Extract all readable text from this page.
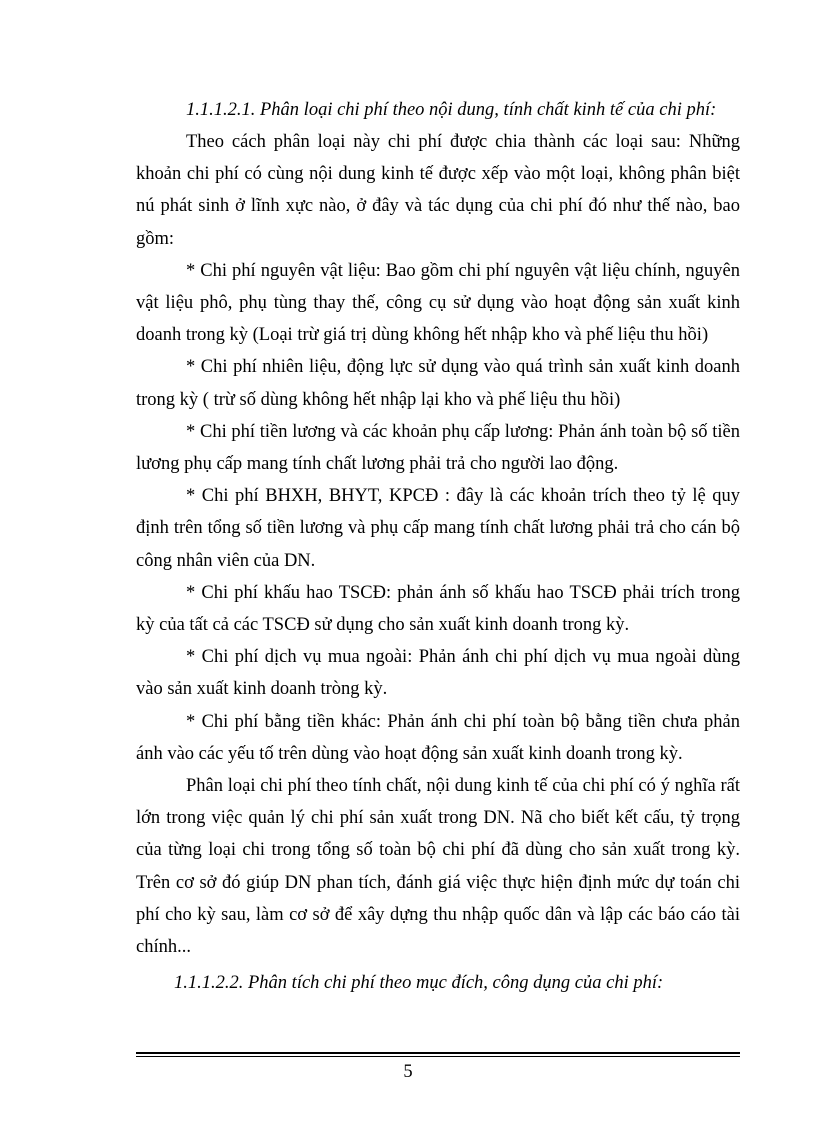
1.1.1.2.1. Phân loại chi phí theo nội dung, tính chất kinh tế của chi phí:

Theo cách phân loại này chi phí được chia thành các loại sau: Những khoản chi phí có cùng nội dung kinh tế được xếp vào một loại, không phân biệt nú phát sinh ở lĩnh xực nào, ở đây và tác dụng của chi phí đó như thế nào, bao gồm:

* Chi phí nguyên vật liệu: Bao gồm chi phí nguyên vật liệu chính, nguyên vật liệu phô, phụ tùng thay thế, công cụ sử dụng vào hoạt động sản xuất kinh doanh trong kỳ (Loại trừ giá trị dùng không hết nhập kho và phế liệu thu hồi)

* Chi phí nhiên liệu, động lực sử dụng vào quá trình sản xuất kinh doanh trong kỳ ( trừ số dùng không hết nhập lại kho và phế liệu thu hồi)

* Chi phí tiền lương và các khoản phụ cấp lương: Phản ánh toàn bộ số tiền lương phụ cấp mang tính chất lương phải trả cho người lao động.

* Chi phí BHXH, BHYT, KPCĐ : đây là các khoản trích theo tỷ lệ quy định trên tổng số tiền lương và phụ cấp mang tính chất lương phải trả cho cán bộ công nhân viên của DN.

* Chi phí khấu hao TSCĐ: phản ánh số khấu hao TSCĐ phải trích trong kỳ của tất cả các TSCĐ sử dụng cho sản xuất kinh doanh trong kỳ.

* Chi phí dịch vụ mua ngoài: Phản ánh chi phí dịch vụ mua ngoài dùng vào sản xuất kinh doanh tròng kỳ.

* Chi phí bằng tiền khác: Phản ánh chi phí toàn bộ bằng tiền chưa phản ánh vào các yếu tố trên dùng vào hoạt động sản xuất kinh doanh trong kỳ.

Phân loại chi phí theo tính chất, nội dung kinh tế của chi phí có ý nghĩa rất lớn trong việc quản lý chi phí sản xuất trong DN. Nã cho biết kết cấu, tỷ trọng của từng loại chi trong tổng số toàn bộ chi phí đã dùng cho sản xuất trong kỳ. Trên cơ sở đó giúp DN phan tích, đánh giá việc thực hiện định mức dự toán chi phí cho kỳ sau, làm cơ sở để xây dựng thu nhập quốc dân và lập các báo cáo tài chính...

1.1.1.2.2. Phân tích chi phí theo mục đích, công dụng của chi phí:

5
